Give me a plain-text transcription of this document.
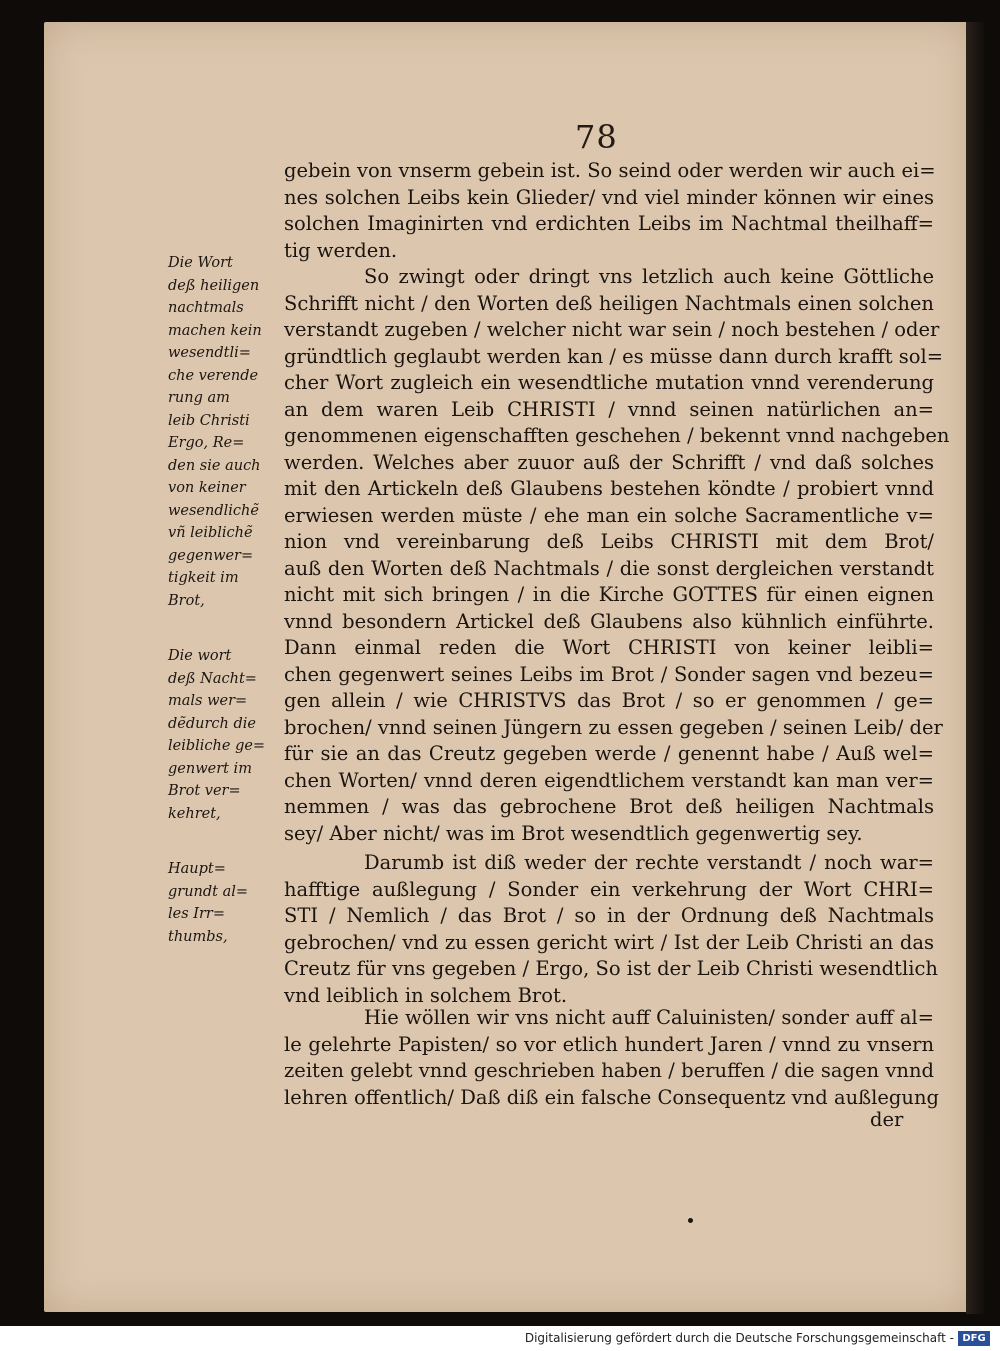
78
Die Wort
deß heiligen
nachtmals
machen kein
wesendtli=
che verende
rung am
leib Christi
Ergo, Re=
den sie auch
von keiner
wesendlichẽ
vñ leiblichẽ
gegenwer=
tigkeit im
Brot,
Die wort
deß Nacht=
mals wer=
dẽdurch die
leibliche ge=
genwert im
Brot ver=
kehret,
Haupt=
grundt al=
les Irr=
thumbs,
gebein von vnserm gebein ist. So seind oder werden wir auch ei=
nes solchen Leibs kein Glieder/ vnd viel minder können wir eines
solchen Imaginirten vnd erdichten Leibs im Nachtmal theilhaff=
tig werden.
So zwingt oder dringt vns letzlich auch keine Göttliche
Schrifft nicht / den Worten deß heiligen Nachtmals einen solchen
verstandt zugeben / welcher nicht war sein / noch bestehen / oder
gründtlich geglaubt werden kan / es müsse dann durch krafft sol=
cher Wort zugleich ein wesendtliche mutation vnnd verenderung
an dem waren Leib CHRISTI / vnnd seinen natürlichen an=
genommenen eigenschafften geschehen / bekennt vnnd nachgeben
werden. Welches aber zuuor auß der Schrifft / vnd daß solches
mit den Artickeln deß Glaubens bestehen köndte / probiert vnnd
erwiesen werden müste / ehe man ein solche Sacramentliche v=
nion vnd vereinbarung deß Leibs CHRISTI mit dem Brot/
auß den Worten deß Nachtmals / die sonst dergleichen verstandt
nicht mit sich bringen / in die Kirche GOTTES für einen eignen
vnnd besondern Artickel deß Glaubens also kühnlich einführte.
Dann einmal reden die Wort CHRISTI von keiner leibli=
chen gegenwert seines Leibs im Brot / Sonder sagen vnd bezeu=
gen allein / wie CHRISTVS das Brot / so er genommen / ge=
brochen/ vnnd seinen Jüngern zu essen gegeben / seinen Leib/ der
für sie an das Creutz gegeben werde / genennt habe / Auß wel=
chen Worten/ vnnd deren eigendtlichem verstandt kan man ver=
nemmen / was das gebrochene Brot deß heiligen Nachtmals
sey/ Aber nicht/ was im Brot wesendtlich gegenwertig sey.
Darumb ist diß weder der rechte verstandt / noch war=
hafftige außlegung / Sonder ein verkehrung der Wort CHRI=
STI / Nemlich / das Brot / so in der Ordnung deß Nachtmals
gebrochen/ vnd zu essen gericht wirt / Ist der Leib Christi an das
Creutz für vns gegeben / Ergo, So ist der Leib Christi wesendtlich
vnd leiblich in solchem Brot.
Hie wöllen wir vns nicht auff Caluinisten/ sonder auff al=
le gelehrte Papisten/ so vor etlich hundert Jaren / vnnd zu vnsern
zeiten gelebt vnnd geschrieben haben / beruffen / die sagen vnnd
lehren offentlich/ Daß diß ein falsche Consequentz vnd außlegung
der
Digitalisierung gefördert durch die Deutsche Forschungsgemeinschaft - DFG
